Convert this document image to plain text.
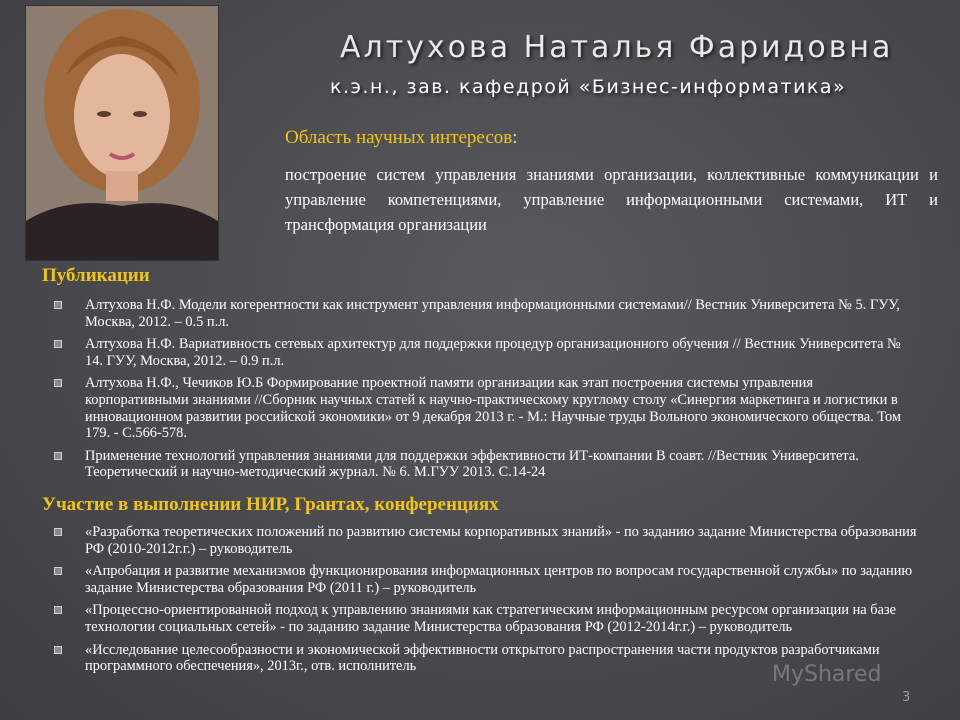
Алтухова Наталья Фаридовна
к.э.н., зав. кафедрой «Бизнес-информатика»
Область научных интересов:
построение систем управления знаниями организации, коллективные коммуникации и управление компетенциями, управление информационными системами, ИТ и трансформация организации
Публикации
Алтухова Н.Ф. Модели когерентности как инструмент управления информационными системами// Вестник Университета № 5. ГУУ, Москва, 2012. – 0.5 п.л.
Алтухова Н.Ф. Вариативность сетевых архитектур для поддержки процедур организационного обучения // Вестник Университета № 14. ГУУ, Москва, 2012. – 0.9 п.л.
Алтухова Н.Ф., Чечиков Ю.Б Формирование проектной памяти организации как этап построения системы управления корпоративными знаниями //Сборник научных статей к научно-практическому круглому столу «Синергия маркетинга и логистики в инновационном развитии российской экономики» от 9 декабря 2013 г. - М.: Научные труды Вольного экономического общества. Том 179. - С.566-578.
Применение технологий управления знаниями для поддержки эффективности ИТ-компании В соавт. //Вестник Университета. Теоретический и научно-методический журнал. № 6. М.ГУУ 2013. С.14-24
Участие в выполнении НИР, Грантах, конференциях
«Разработка теоретических положений по развитию системы корпоративных знаний» - по заданию задание Министерства образования РФ (2010-2012г.г.) – руководитель
«Апробация и развитие механизмов функционирования информационных центров по вопросам государственной службы» по заданию задание Министерства образования РФ (2011 г.) – руководитель
«Процессно-ориентированной подход к управлению знаниями как стратегическим информационным ресурсом организации на базе технологии социальных сетей» - по заданию задание Министерства образования РФ (2012-2014г.г.) – руководитель
«Исследование целесообразности и экономической эффективности открытого распространения части продуктов разработчиками программного обеспечения», 2013г., отв. исполнитель	MyShared
3
